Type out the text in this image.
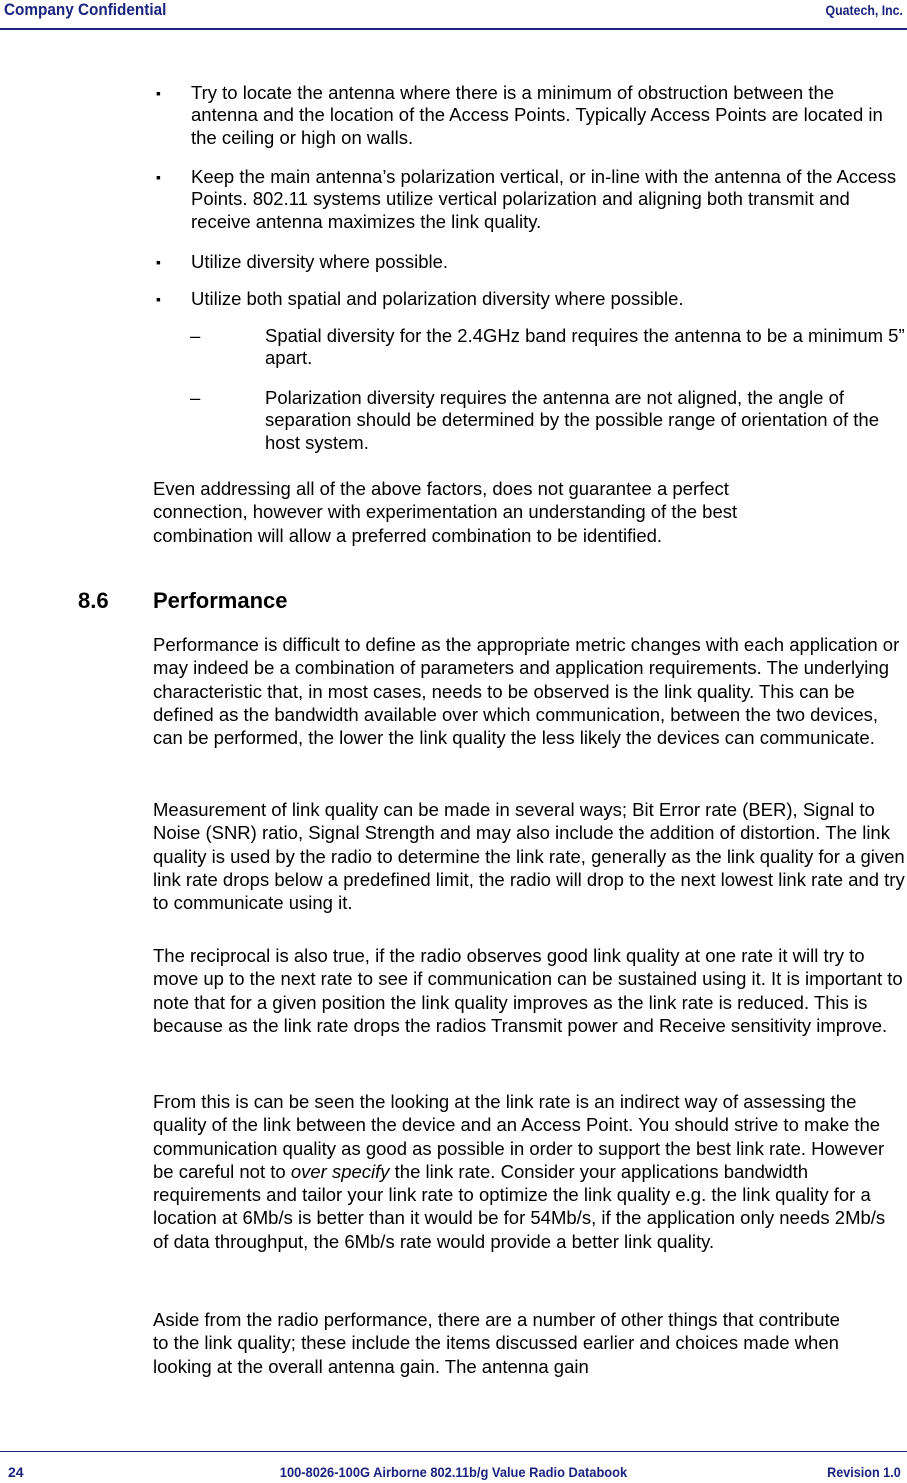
Company Confidential	Quatech, Inc.
▪	Try to locate the antenna where there is a minimum of obstruction between the antenna and the location of the Access Points. Typically Access Points are located in the ceiling or high on walls.
▪	Keep the main antenna’s polarization vertical, or in-line with the antenna of the Access Points. 802.11 systems utilize vertical polarization and aligning both transmit and receive antenna maximizes the link quality.
▪	Utilize diversity where possible.
▪	Utilize both spatial and polarization diversity where possible.
–	Spatial diversity for the 2.4GHz band requires the antenna to be a minimum 5” apart.
–	Polarization diversity requires the antenna are not aligned, the angle of separation should be determined by the possible range of orientation of the host system.

Even addressing all of the above factors, does not guarantee a perfect connection, however with experimentation an understanding of the best combination will allow a preferred combination to be identified.

8.6 Performance

Performance is difficult to define as the appropriate metric changes with each application or may indeed be a combination of parameters and application requirements. The underlying characteristic that, in most cases, needs to be observed is the link quality. This can be defined as the bandwidth available over which communication, between the two devices, can be performed, the lower the link quality the less likely the devices can communicate.

Measurement of link quality can be made in several ways; Bit Error rate (BER), Signal to Noise (SNR) ratio, Signal Strength and may also include the addition of distortion. The link quality is used by the radio to determine the link rate, generally as the link quality for a given link rate drops below a predefined limit, the radio will drop to the next lowest link rate and try to communicate using it.

The reciprocal is also true, if the radio observes good link quality at one rate it will try to move up to the next rate to see if communication can be sustained using it. It is important to note that for a given position the link quality improves as the link rate is reduced. This is because as the link rate drops the radios Transmit power and Receive sensitivity improve.

From this is can be seen the looking at the link rate is an indirect way of assessing the quality of the link between the device and an Access Point. You should strive to make the communication quality as good as possible in order to support the best link rate. However be careful not to over specify the link rate. Consider your applications bandwidth requirements and tailor your link rate to optimize the link quality e.g. the link quality for a location at 6Mb/s is better than it would be for 54Mb/s, if the application only needs 2Mb/s of data throughput, the 6Mb/s rate would provide a better link quality.

Aside from the radio performance, there are a number of other things that contribute to the link quality; these include the items discussed earlier and choices made when looking at the overall antenna gain. The antenna gain

24	100-8026-100G Airborne 802.11b/g Value Radio Databook	Revision 1.0
